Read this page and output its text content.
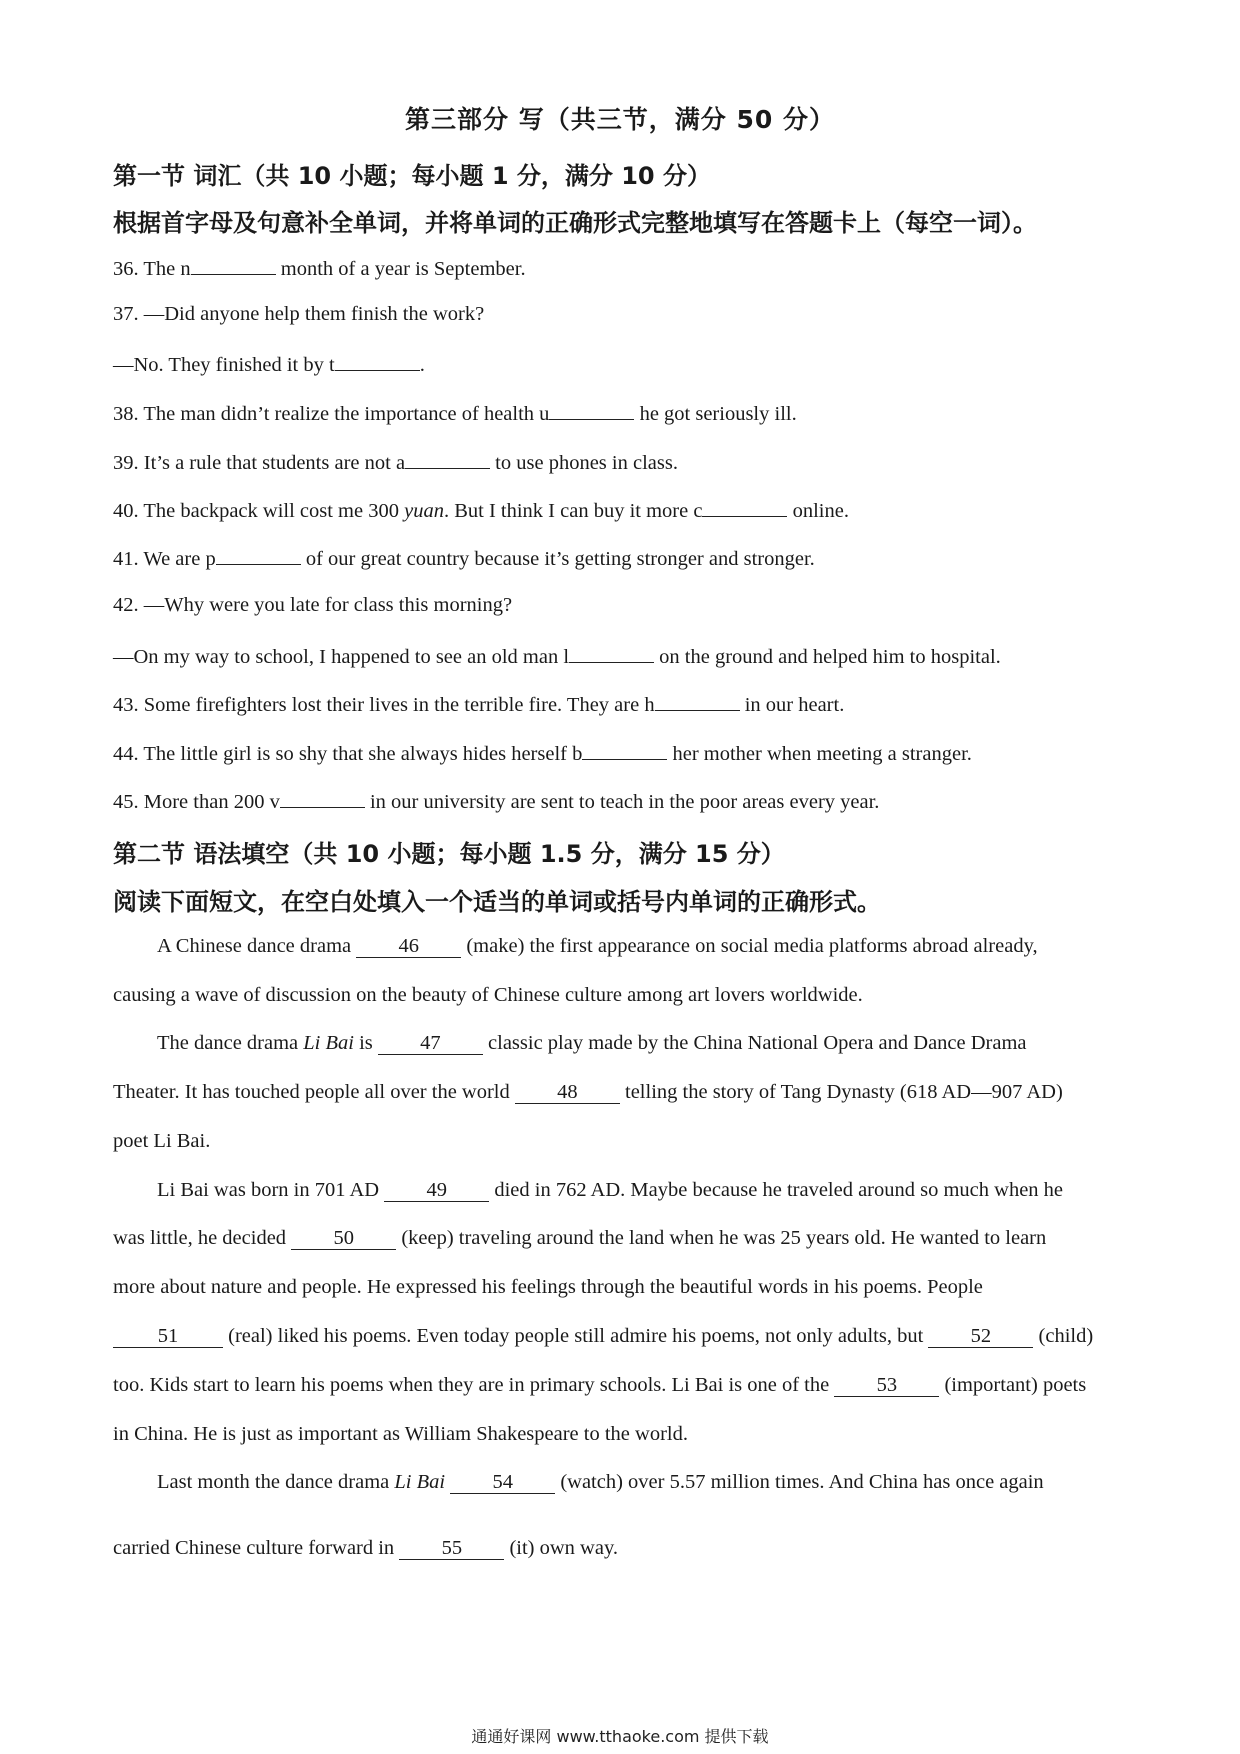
第三部分 写（共三节，满分 50 分）
第一节 词汇（共 10 小题；每小题 1 分，满分 10 分）
根据首字母及句意补全单词，并将单词的正确形式完整地填写在答题卡上（每空一词）。
36. The n	month of a year is September.
37. —Did anyone help them finish the work?
—No. They finished it by t	.
38. The man didn’t realize the importance of health u	he got seriously ill.
39. It’s a rule that students are not a	to use phones in class.
40. The backpack will cost me 300 yuan. But I think I can buy it more c	online.
41. We are p	of our great country because it’s getting stronger and stronger.
42. —Why were you late for class this morning?
—On my way to school, I happened to see an old man l	on the ground and helped him to hospital.
43. Some firefighters lost their lives in the terrible fire. They are h	in our heart.
44. The little girl is so shy that she always hides herself b	her mother when meeting a stranger.
45. More than 200 v	in our university are sent to teach in the poor areas every year.
第二节 语法填空（共 10 小题；每小题 1.5 分，满分 15 分）
阅读下面短文，在空白处填入一个适当的单词或括号内单词的正确形式。
A Chinese dance drama 46 (make) the first appearance on social media platforms abroad already,
causing a wave of discussion on the beauty of Chinese culture among art lovers worldwide.
The dance drama Li Bai is 47 classic play made by the China National Opera and Dance Drama
Theater. It has touched people all over the world 48 telling the story of Tang Dynasty (618 AD—907 AD)
poet Li Bai.
Li Bai was born in 701 AD 49 died in 762 AD. Maybe because he traveled around so much when he
was little, he decided 50 (keep) traveling around the land when he was 25 years old. He wanted to learn
more about nature and people. He expressed his feelings through the beautiful words in his poems. People
51 (real) liked his poems. Even today people still admire his poems, not only adults, but 52 (child)
too. Kids start to learn his poems when they are in primary schools. Li Bai is one of the 53 (important) poets
in China. He is just as important as William Shakespeare to the world.
Last month the dance drama Li Bai 54 (watch) over 5.57 million times. And China has once again
carried Chinese culture forward in 55 (it) own way.
通通好课网 www.tthaoke.com 提供下载
